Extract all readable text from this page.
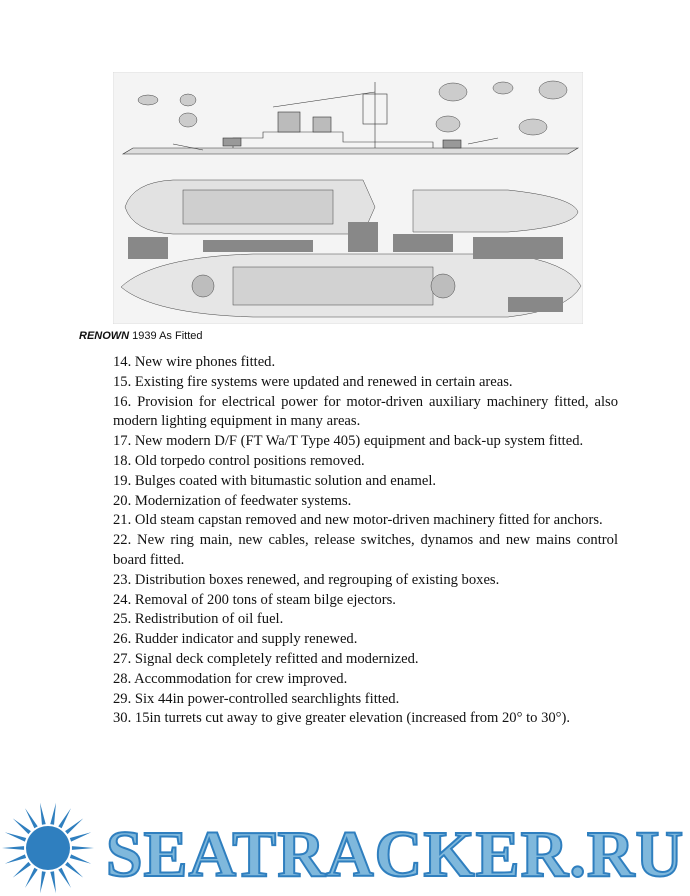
RENOWN 1939 As Fitted

14. New wire phones fitted.

15. Existing fire systems were updated and renewed in certain areas.

16. Provision for electrical power for motor-driven auxiliary machinery fitted, also modern lighting equipment in many areas.

17. New modern D/F (FT Wa/T Type 405) equipment and back-up system fitted.

18. Old torpedo control positions removed.

19. Bulges coated with bitumastic solution and enamel.

20. Modernization of feedwater systems.

21. Old steam capstan removed and new motor-driven machinery fitted for anchors.

22. New ring main, new cables, release switches, dynamos and new mains control board fitted.

23. Distribution boxes renewed, and regrouping of existing boxes.

24. Removal of 200 tons of steam bilge ejectors.

25. Redistribution of oil fuel.

26. Rudder indicator and supply renewed.

27. Signal deck completely refitted and modernized.

28. Accommodation for crew improved.

29. Six 44in power-controlled searchlights fitted.

30. 15in turrets cut away to give greater elevation (increased from 20° to 30°).

SEATRACKER.RU
